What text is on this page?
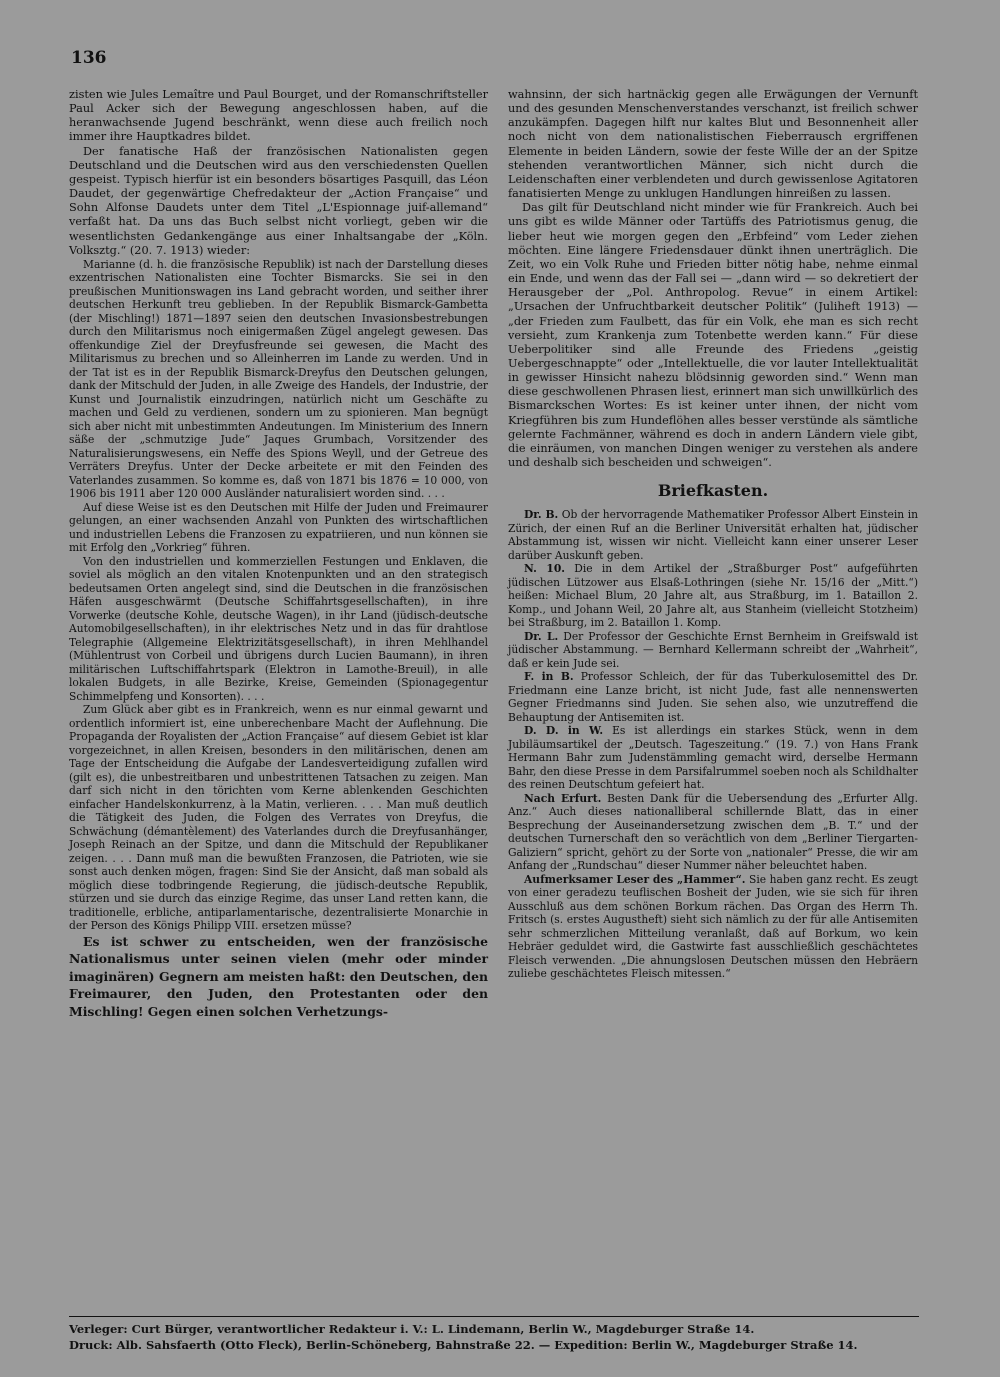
136

zisten wie Jules Lemaître und Paul Bourget, und der Romanschriftsteller Paul Acker sich der Bewegung angeschlossen haben, auf die heranwachsende Jugend beschränkt, wenn diese auch freilich noch immer ihre Hauptkadres bildet.

Der fanatische Haß der französischen Nationalisten gegen Deutschland und die Deutschen wird aus den verschiedensten Quellen gespeist. Typisch hierfür ist ein besonders bösartiges Pasquill, das Léon Daudet, der gegenwärtige Chefredakteur der „Action Française“ und Sohn Alfonse Daudets unter dem Titel „L'Espionnage juif-allemand“ verfaßt hat. Da uns das Buch selbst nicht vorliegt, geben wir die wesentlichsten Gedankengänge aus einer Inhaltsangabe der „Köln. Volksztg.“ (20. 7. 1913) wieder:

Marianne (d. h. die französische Republik) ist nach der Darstellung dieses exzentrischen Nationalisten eine Tochter Bismarcks. Sie sei in den preußischen Munitionswagen ins Land gebracht worden, und seither ihrer deutschen Herkunft treu geblieben. In der Republik Bismarck-Gambetta (der Mischling!) 1871—1897 seien den deutschen Invasionsbestrebungen durch den Militarismus noch einigermaßen Zügel angelegt gewesen. Das offenkundige Ziel der Dreyfusfreunde sei gewesen, die Macht des Militarismus zu brechen und so Alleinherren im Lande zu werden. Und in der Tat ist es in der Republik Bismarck-Dreyfus den Deutschen gelungen, dank der Mitschuld der Juden, in alle Zweige des Handels, der Industrie, der Kunst und Journalistik einzudringen, natürlich nicht um Geschäfte zu machen und Geld zu verdienen, sondern um zu spionieren. Man begnügt sich aber nicht mit unbestimmten Andeutungen. Im Ministerium des Innern säße der „schmutzige Jude“ Jaques Grumbach, Vorsitzender des Naturalisierungswesens, ein Neffe des Spions Weyll, und der Getreue des Verräters Dreyfus. Unter der Decke arbeitete er mit den Feinden des Vaterlandes zusammen. So komme es, daß von 1871 bis 1876 = 10 000, von 1906 bis 1911 aber 120 000 Ausländer naturalisiert worden sind. . . .

Auf diese Weise ist es den Deutschen mit Hilfe der Juden und Freimaurer gelungen, an einer wachsenden Anzahl von Punkten des wirtschaftlichen und industriellen Lebens die Franzosen zu expatriieren, und nun können sie mit Erfolg den „Vorkrieg“ führen.

Von den industriellen und kommerziellen Festungen und Enklaven, die soviel als möglich an den vitalen Knotenpunkten und an den strategisch bedeutsamen Orten angelegt sind, sind die Deutschen in die französischen Häfen ausgeschwärmt (Deutsche Schiffahrtsgesellschaften), in ihre Vorwerke (deutsche Kohle, deutsche Wagen), in ihr Land (jüdisch-deutsche Automobilgesellschaften), in ihr elektrisches Netz und in das für drahtlose Telegraphie (Allgemeine Elektrizitätsgesellschaft), in ihren Mehlhandel (Mühlentrust von Corbeil und übrigens durch Lucien Baumann), in ihren militärischen Luftschiffahrtspark (Elektron in Lamothe-Breuil), in alle lokalen Budgets, in alle Bezirke, Kreise, Gemeinden (Spionagegentur Schimmelpfeng und Konsorten). . . .

Zum Glück aber gibt es in Frankreich, wenn es nur einmal gewarnt und ordentlich informiert ist, eine unberechenbare Macht der Auflehnung. Die Propaganda der Royalisten der „Action Française“ auf diesem Gebiet ist klar vorgezeichnet, in allen Kreisen, besonders in den militärischen, denen am Tage der Entscheidung die Aufgabe der Landesverteidigung zufallen wird (gilt es), die unbestreitbaren und unbestrittenen Tatsachen zu zeigen. Man darf sich nicht in den törichten vom Kerne ablenkenden Geschichten einfacher Handelskonkurrenz, à la Matin, verlieren. . . . Man muß deutlich die Tätigkeit des Juden, die Folgen des Verrates von Dreyfus, die Schwächung (démantèlement) des Vaterlandes durch die Dreyfusanhänger, Joseph Reinach an der Spitze, und dann die Mitschuld der Republikaner zeigen. . . . Dann muß man die bewußten Franzosen, die Patrioten, wie sie sonst auch denken mögen, fragen: Sind Sie der Ansicht, daß man sobald als möglich diese todbringende Regierung, die jüdisch-deutsche Republik, stürzen und sie durch das einzige Regime, das unser Land retten kann, die traditionelle, erbliche, antiparlamentarische, dezentralisierte Monarchie in der Person des Königs Philipp VIII. ersetzen müsse?

Es ist schwer zu entscheiden, wen der französische Nationalismus unter seinen vielen (mehr oder minder imaginären) Gegnern am meisten haßt: den Deutschen, den Freimaurer, den Juden, den Protestanten oder den Mischling! Gegen einen solchen Verhetzungs-

wahnsinn, der sich hartnäckig gegen alle Erwägungen der Vernunft und des gesunden Menschenverstandes verschanzt, ist freilich schwer anzukämpfen. Dagegen hilft nur kaltes Blut und Besonnenheit aller noch nicht von dem nationalistischen Fieberrausch ergriffenen Elemente in beiden Ländern, sowie der feste Wille der an der Spitze stehenden verantwortlichen Männer, sich nicht durch die Leidenschaften einer verblendeten und durch gewissenlose Agitatoren fanatisierten Menge zu unklugen Handlungen hinreißen zu lassen.

Das gilt für Deutschland nicht minder wie für Frankreich. Auch bei uns gibt es wilde Männer oder Tartüffs des Patriotismus genug, die lieber heut wie morgen gegen den „Erbfeind“ vom Leder ziehen möchten. Eine längere Friedensdauer dünkt ihnen unerträglich. Die Zeit, wo ein Volk Ruhe und Frieden bitter nötig habe, nehme einmal ein Ende, und wenn das der Fall sei — „dann wird — so dekretiert der Herausgeber der „Pol. Anthropolog. Revue“ in einem Artikel: „Ursachen der Unfruchtbarkeit deutscher Politik“ (Juliheft 1913) — „der Frieden zum Faulbett, das für ein Volk, ehe man es sich recht versieht, zum Krankenja zum Totenbette werden kann.“ Für diese Ueberpolitiker sind alle Freunde des Friedens „geistig Uebergeschnappte“ oder „Intellektuelle, die vor lauter Intellektualität in gewisser Hinsicht nahezu blödsinnig geworden sind.“ Wenn man diese geschwollenen Phrasen liest, erinnert man sich unwillkürlich des Bismarckschen Wortes: Es ist keiner unter ihnen, der nicht vom Kriegführen bis zum Hundeflöhen alles besser verstünde als sämtliche gelernte Fachmänner, während es doch in andern Ländern viele gibt, die einräumen, von manchen Dingen weniger zu verstehen als andere und deshalb sich bescheiden und schweigen“.

Briefkasten.

Dr. B. Ob der hervorragende Mathematiker Professor Albert Einstein in Zürich, der einen Ruf an die Berliner Universität erhalten hat, jüdischer Abstammung ist, wissen wir nicht. Vielleicht kann einer unserer Leser darüber Auskunft geben.

N. 10. Die in dem Artikel der „Straßburger Post“ aufgeführten jüdischen Lützower aus Elsaß-Lothringen (siehe Nr. 15/16 der „Mitt.“) heißen: Michael Blum, 20 Jahre alt, aus Straßburg, im 1. Bataillon 2. Komp., und Johann Weil, 20 Jahre alt, aus Stanheim (vielleicht Stotzheim) bei Straßburg, im 2. Bataillon 1. Komp.

Dr. L. Der Professor der Geschichte Ernst Bernheim in Greifswald ist jüdischer Abstammung. — Bernhard Kellermann schreibt der „Wahrheit“, daß er kein Jude sei.

F. in B. Professor Schleich, der für das Tuberkulosemittel des Dr. Friedmann eine Lanze bricht, ist nicht Jude, fast alle nennenswerten Gegner Friedmanns sind Juden. Sie sehen also, wie unzutreffend die Behauptung der Antisemiten ist.

D. D. in W. Es ist allerdings ein starkes Stück, wenn in dem Jubiläumsartikel der „Deutsch. Tageszeitung.“ (19. 7.) von Hans Frank Hermann Bahr zum Judenstämmling gemacht wird, derselbe Hermann Bahr, den diese Presse in dem Parsifalrummel soeben noch als Schildhalter des reinen Deutschtum gefeiert hat.

Nach Erfurt. Besten Dank für die Uebersendung des „Erfurter Allg. Anz.“ Auch dieses nationalliberal schillernde Blatt, das in einer Besprechung der Auseinandersetzung zwischen dem „B. T.“ und der deutschen Turnerschaft den so verächtlich von dem „Berliner Tiergarten-Galiziern“ spricht, gehört zu der Sorte von „nationaler“ Presse, die wir am Anfang der „Rundschau“ dieser Nummer näher beleuchtet haben.

Aufmerksamer Leser des „Hammer“. Sie haben ganz recht. Es zeugt von einer geradezu teuflischen Bosheit der Juden, wie sie sich für ihren Ausschluß aus dem schönen Borkum rächen. Das Organ des Herrn Th. Fritsch (s. erstes Augustheft) sieht sich nämlich zu der für alle Antisemiten sehr schmerzlichen Mitteilung veranlaßt, daß auf Borkum, wo kein Hebräer geduldet wird, die Gastwirte fast ausschließlich geschächtetes Fleisch verwenden. „Die ahnungslosen Deutschen müssen den Hebräern zuliebe geschächtetes Fleisch mitessen.“

Verleger: Curt Bürger, verantwortlicher Redakteur i. V.: L. Lindemann, Berlin W., Magdeburger Straße 14.
Druck: Alb. Sahsfaerth (Otto Fleck), Berlin-Schöneberg, Bahnstraße 22. — Expedition: Berlin W., Magdeburger Straße 14.
